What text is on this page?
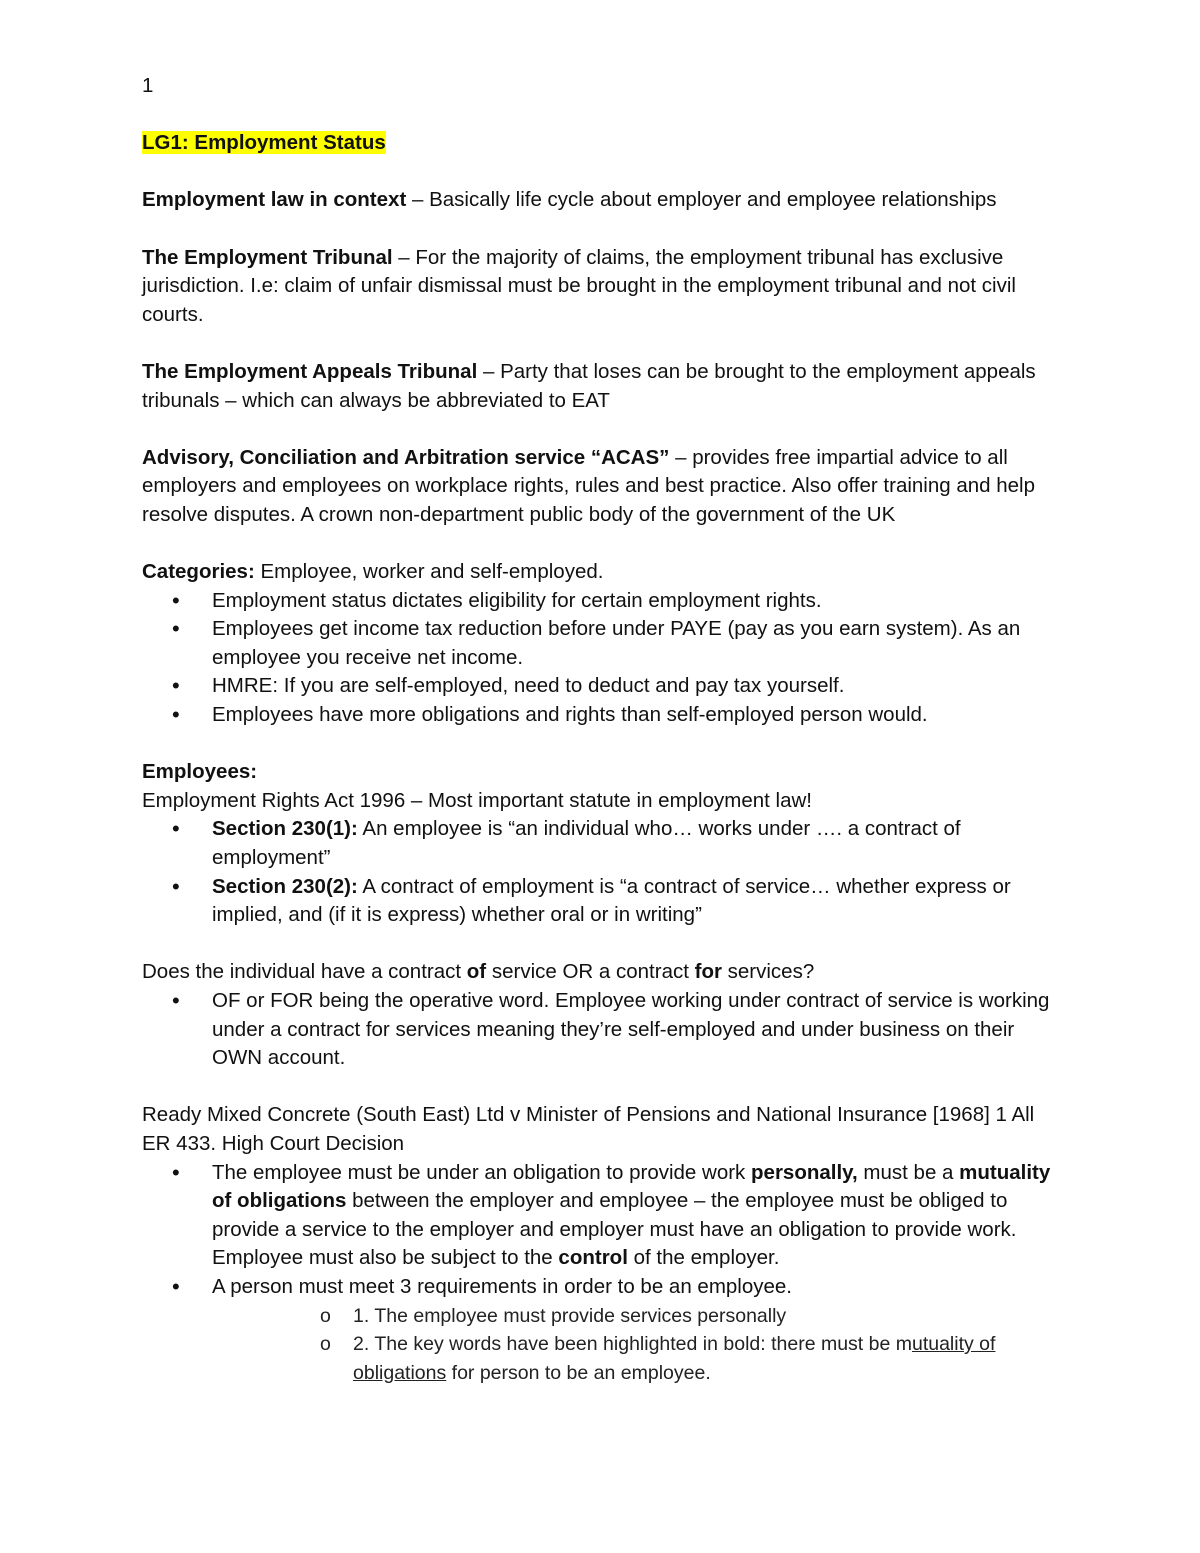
1

LG1: Employment Status

Employment law in context – Basically life cycle about employer and employee relationships

The Employment Tribunal – For the majority of claims, the employment tribunal has exclusive jurisdiction. I.e: claim of unfair dismissal must be brought in the employment tribunal and not civil courts.

The Employment Appeals Tribunal – Party that loses can be brought to the employment appeals tribunals – which can always be abbreviated to EAT

Advisory, Conciliation and Arbitration service “ACAS” – provides free impartial advice to all employers and employees on workplace rights, rules and best practice. Also offer training and help resolve disputes. A crown non-department public body of the government of the UK

Categories: Employee, worker and self-employed.

• Employment status dictates eligibility for certain employment rights.
• Employees get income tax reduction before under PAYE (pay as you earn system). As an employee you receive net income.
• HMRE: If you are self-employed, need to deduct and pay tax yourself.
• Employees have more obligations and rights than self-employed person would.

Employees:

Employment Rights Act 1996 – Most important statute in employment law!

• Section 230(1): An employee is “an individual who… works under …. a contract of employment”
• Section 230(2): A contract of employment is “a contract of service… whether express or implied, and (if it is express) whether oral or in writing”

Does the individual have a contract of service OR a contract for services?

• OF or FOR being the operative word. Employee working under contract of service is working under a contract for services meaning they’re self-employed and under business on their OWN account.

Ready Mixed Concrete (South East) Ltd v Minister of Pensions and National Insurance [1968] 1 All ER 433. High Court Decision

• The employee must be under an obligation to provide work personally, must be a mutuality of obligations between the employer and employee – the employee must be obliged to provide a service to the employer and employer must have an obligation to provide work. Employee must also be subject to the control of the employer.
• A person must meet 3 requirements in order to be an employee.
o 1. The employee must provide services personally
o 2. The key words have been highlighted in bold: there must be mutuality of obligations for person to be an employee.
